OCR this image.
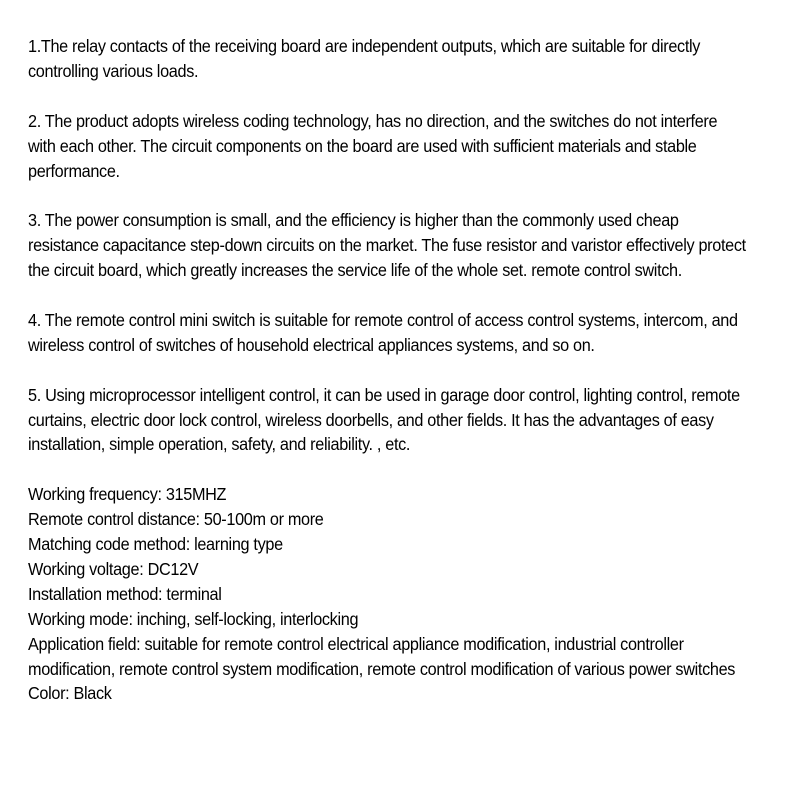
1.The relay contacts of the receiving board are independent outputs, which are suitable for directly controlling various loads.

2. The product adopts wireless coding technology, has no direction, and the switches do not interfere with each other. The circuit components on the board are used with sufficient materials and stable performance.

3. The power consumption is small, and the efficiency is higher than the commonly used cheap resistance capacitance step-down circuits on the market. The fuse resistor and varistor effectively protect the circuit board, which greatly increases the service life of the whole set. remote control switch.

4. The remote control mini switch is suitable for remote control of access control systems, intercom, and wireless control of switches of household electrical appliances systems, and so on.

5. Using microprocessor intelligent control, it can be used in garage door control, lighting control, remote curtains, electric door lock control, wireless doorbells, and other fields. It has the advantages of easy installation, simple operation, safety, and reliability. , etc.

Working frequency: 315MHZ
Remote control distance: 50-100m or more
Matching code method: learning type
Working voltage: DC12V
Installation method: terminal
Working mode: inching, self-locking, interlocking
Application field: suitable for remote control electrical appliance modification, industrial controller modification, remote control system modification, remote control modification of various power switches
Color: Black
